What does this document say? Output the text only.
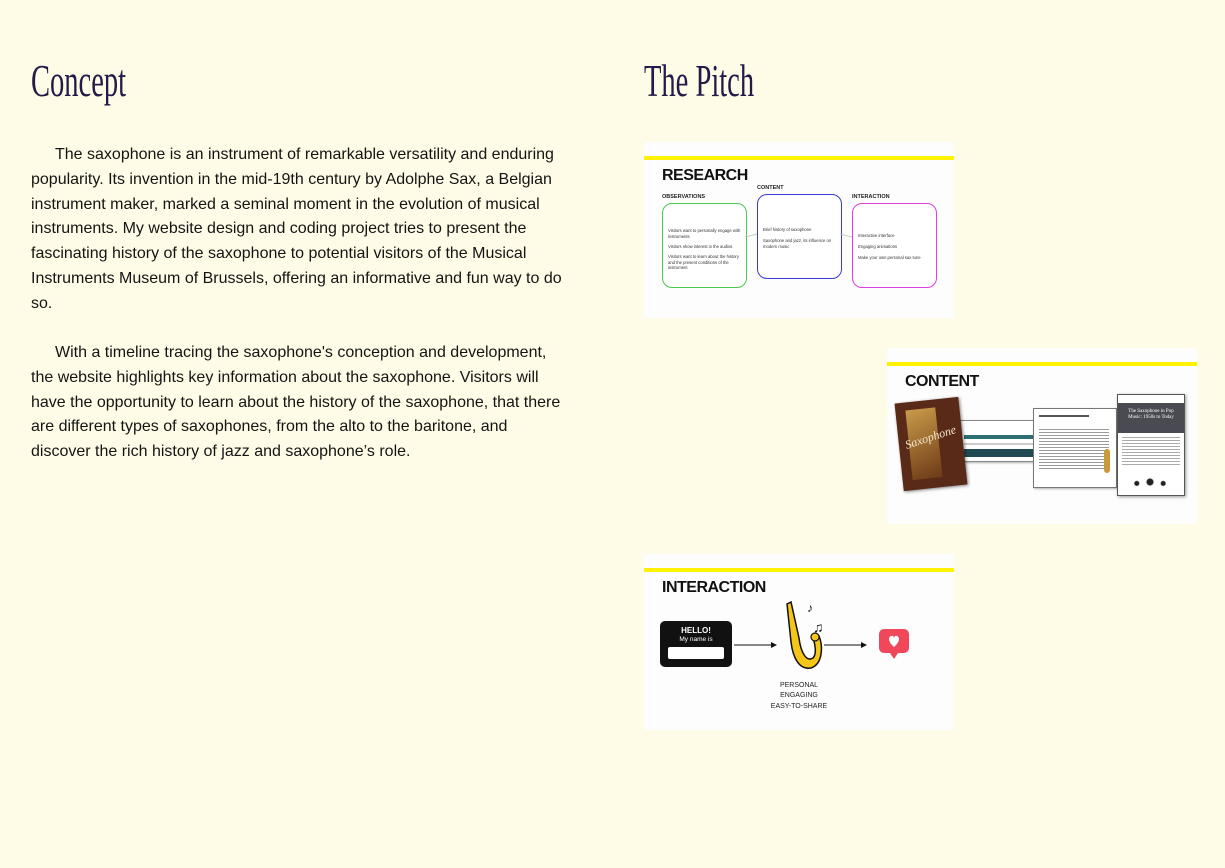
Concept

The saxophone is an instrument of remarkable versatility and enduring popularity. Its invention in the mid-19th century by Adolphe Sax, a Belgian instrument maker, marked a seminal moment in the evolution of musical instruments. My website design and coding project tries to present the fascinating history of the saxophone to potential visitors of the Musical Instruments Museum of Brussels, offering an informative and fun way to do so.

With a timeline tracing the saxophone's conception and development, the website highlights key information about the saxophone. Visitors will have the opportunity to learn about the history of the saxophone, that there are different types of saxophones, from the alto to the baritone, and discover the rich history of jazz and saxophone’s role.

The Pitch
RESEARCH
OBSERVATIONS
Visitors want to personally engage with instruments
Visitors show interest in the audios
Visitors want to learn about the history and the present conditions of the instrument
CONTENT
Brief history of saxophone
Saxophone and jazz, its influence on modern music
INTERACTION
Interactive interface
Engaging animations
Make your own personal sax tune
CONTENT
Saxophone
The Saxophone in Pop Music: 1950s to Today
INTERACTION
HELLO!
My name is
♪
♫
PERSONAL
ENGAGING
EASY-TO-SHARE
